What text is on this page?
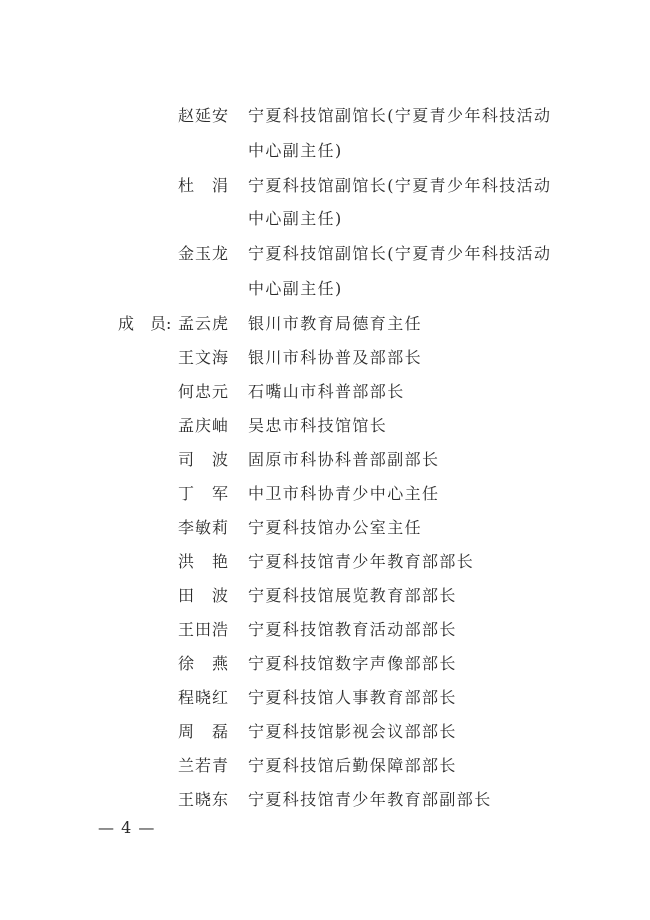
赵延安	宁夏科技馆副馆长(宁夏青少年科技活动
中心副主任)
杜　涓	宁夏科技馆副馆长(宁夏青少年科技活动
中心副主任)
金玉龙	宁夏科技馆副馆长(宁夏青少年科技活动
中心副主任)
成　员: 孟云虎	银川市教育局德育主任
王文海	银川市科协普及部部长
何忠元	石嘴山市科普部部长
孟庆岫	吴忠市科技馆馆长
司　波	固原市科协科普部副部长
丁　军	中卫市科协青少中心主任
李敏莉	宁夏科技馆办公室主任
洪　艳	宁夏科技馆青少年教育部部长
田　波	宁夏科技馆展览教育部部长
王田浩	宁夏科技馆教育活动部部长
徐　燕	宁夏科技馆数字声像部部长
程晓红	宁夏科技馆人事教育部部长
周　磊	宁夏科技馆影视会议部部长
兰若青	宁夏科技馆后勤保障部部长
王晓东	宁夏科技馆青少年教育部副部长
— 4 —
